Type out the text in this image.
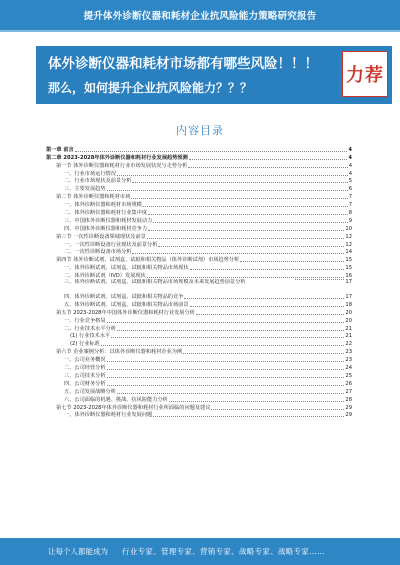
提升体外诊断仪器和耗材企业抗风险能力策略研究报告
体外诊断仪器和耗材市场都有哪些风险！！！
那么，如何提升企业抗风险能力？？？
力荐
内容目录
第一章 前言	4
第二章 2023-2028年体外诊断仪器和耗材行业发展趋势预测	4
第一节 体外诊断仪器和耗材行业市场发展状况与走势分析	4
一、行业市场运行情况	4
二、行业市场现状及前景分析	5
三、主要发展趋势	6
第二节 体外诊断仪器和耗材市场	7
一、体外诊断仪器和耗材市场规模	7
二、体外诊断仪器和耗材行业集中度	8
三、中国体外诊断仪器和耗材发展动力	9
四、中国体外诊断仪器和耗材竞争力	10
第三节 一次性诊断设备领域现状及前景	12
一、一次性诊断设备行业现状及前景分析	12
二、一次性诊断设备市场分析	14
第四节 体外诊断试剂、试剂盒、试纸和相关物品（体外诊断试剂）市场趋势分析	15
一、体外诊断试剂、试剂盒、试纸和相关物品市场现状	15
二、体外诊断试剂（IVD）发展现状	16
三、体外诊断试剂、试剂盒、试纸和相关物品市场规模及未来发展趋势前景分析	17
四、体外诊断试剂、试剂盒、试纸和相关物品的竞争	17
五、体外诊断试剂、试剂盒、试纸和相关物品市场前景	18
第五节 2023-2028年中国体外诊断仪器和耗材行业发展分析	20
一、行业竞争格局	20
二、行业技术水平分析	21
(1) 行业技术水平	21
(2) 行业标准	22
第六节 企业案例分析：以体外诊断仪器和耗材企业为例	23
一、公司业务概况	23
二、公司经营分析	24
三、公司技术分析	25
四、公司财务分析	26
五、公司发展战略分析	27
六、公司面临的机遇、挑战、抗风险能力分析	28
第七节 2023-2028年体外诊断仪器和耗材行业所面临的问题及建议	29
一、体外诊断仪器和耗材行业发展问题	29
让每个人都能成为 行业专家、管理专家、营销专家、战略专家、战略专家……
